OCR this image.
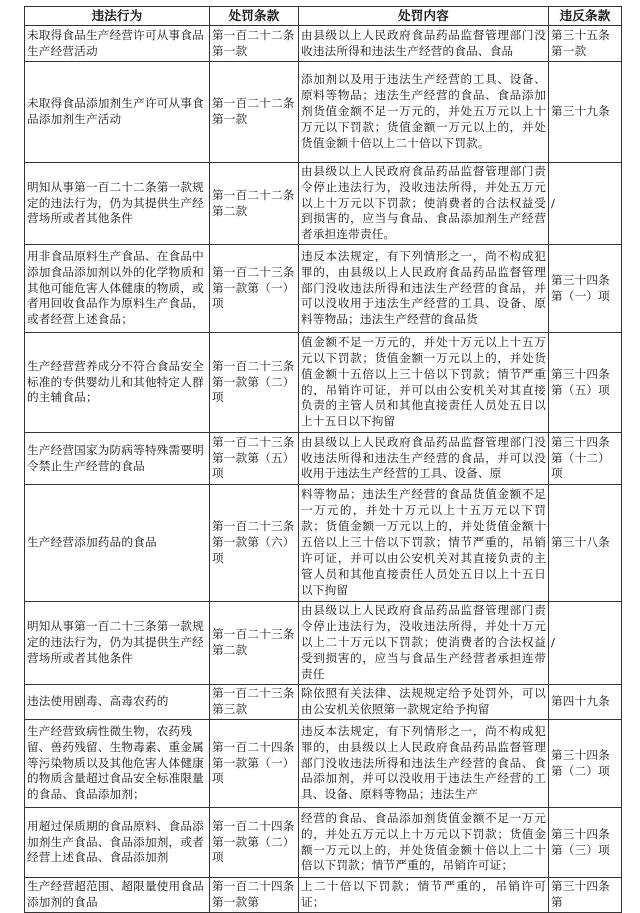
违法行为	处罚条款	处罚内容	违反条款
未取得食品生产经营许可从事食品生产经营活动	第一百二十二条第一款	由县级以上人民政府食品药品监督管理部门没收违法所得和违法生产经营的食品、食品	第三十五条第一款
未取得食品添加剂生产许可从事食品添加剂生产活动	第一百二十二条第一款	添加剂以及用于违法生产经营的工具、设备、原料等物品；违法生产经营的食品、食品添加剂货值金额不足一万元的，并处五万元以上十万元以下罚款；货值金额一万元以上的，并处货值金额十倍以上二十倍以下罚款。	第三十九条
明知从事第一百二十二条第一款规定的违法行为，仍为其提供生产经营场所或者其他条件	第一百二十二条第二款	由县级以上人民政府食品药品监督管理部门责令停止违法行为，没收违法所得，并处五万元以上十万元以下罚款；使消费者的合法权益受到损害的，应当与食品、食品添加剂生产经营者承担连带责任。	/
用非食品原料生产食品、在食品中添加食品添加剂以外的化学物质和其他可能危害人体健康的物质，或者用回收食品作为原料生产食品，或者经营上述食品；	第一百二十三条第一款第（一）项	违反本法规定，有下列情形之一，尚不构成犯罪的，由县级以上人民政府食品药品监督管理部门没收违法所得和违法生产经营的食品，并可以没收用于违法生产经营的工具、设备、原料等物品；违法生产经营的食品货	第三十四条第（一）项
生产经营营养成分不符合食品安全标准的专供婴幼儿和其他特定人群的主辅食品；	第一百二十三条第一款第（二）项	值金额不足一万元的，并处十万元以上十五万元以下罚款；货值金额一万元以上的，并处货值金额十五倍以上三十倍以下罚款；情节严重的，吊销许可证，并可以由公安机关对其直接负责的主管人员和其他直接责任人员处五日以上十五日以下拘留	第三十四条第（五）项
生产经营国家为防病等特殊需要明令禁止生产经营的食品	第一百二十三条第一款第（五）项	由县级以上人民政府食品药品监督管理部门没收违法所得和违法生产经营的食品，并可以没收用于违法生产经营的工具、设备、原	第三十四条第（十二）项
生产经营添加药品的食品	第一百二十三条第一款第（六）项	料等物品；违法生产经营的食品货值金额不足一万元的，并处十万元以上十五万元以下罚款；货值金额一万元以上的，并处货值金额十五倍以上三十倍以下罚款；情节严重的，吊销许可证，并可以由公安机关对其直接负责的主管人员和其他直接责任人员处五日以上十五日以下拘留	第三十八条
明知从事第一百二十三条第一款规定的违法行为，仍为其提供生产经营场所或者其他条件	第一百二十三条第二款	由县级以上人民政府食品药品监督管理部门责令停止违法行为，没收违法所得，并处十万元以上二十万元以下罚款；使消费者的合法权益受到损害的，应当与食品生产经营者承担连带责任	/
违法使用剧毒、高毒农药的	第一百二十三条第三款	除依照有关法律、法规规定给予处罚外，可以由公安机关依照第一款规定给予拘留	第四十九条
生产经营致病性微生物，农药残留、兽药残留、生物毒素、重金属等污染物质以及其他危害人体健康的物质含量超过食品安全标准限量的食品、食品添加剂；	第一百二十四条第一款第（一）项	违反本法规定，有下列情形之一，尚不构成犯罪的，由县级以上人民政府食品药品监督管理部门没收违法所得和违法生产经营的食品、食品添加剂，并可以没收用于违法生产经营的工具、设备、原料等物品；违法生产	第三十四条第（二）项
用超过保质期的食品原料、食品添加剂生产食品、食品添加剂，或者经营上述食品、食品添加剂	第一百二十四条第一款第（二）项	经营的食品、食品添加剂货值金额不足一万元的，并处五万元以上十万元以下罚款；货值金额一万元以上的，并处货值金额十倍以上二十倍以下罚款；情节严重的，吊销许可证；	第三十四条第（三）项
生产经营超范围、超限量使用食品添加剂的食品	第一百二十四条第一款第	上二十倍以下罚款；情节严重的，吊销许可证；	第三十四条第
